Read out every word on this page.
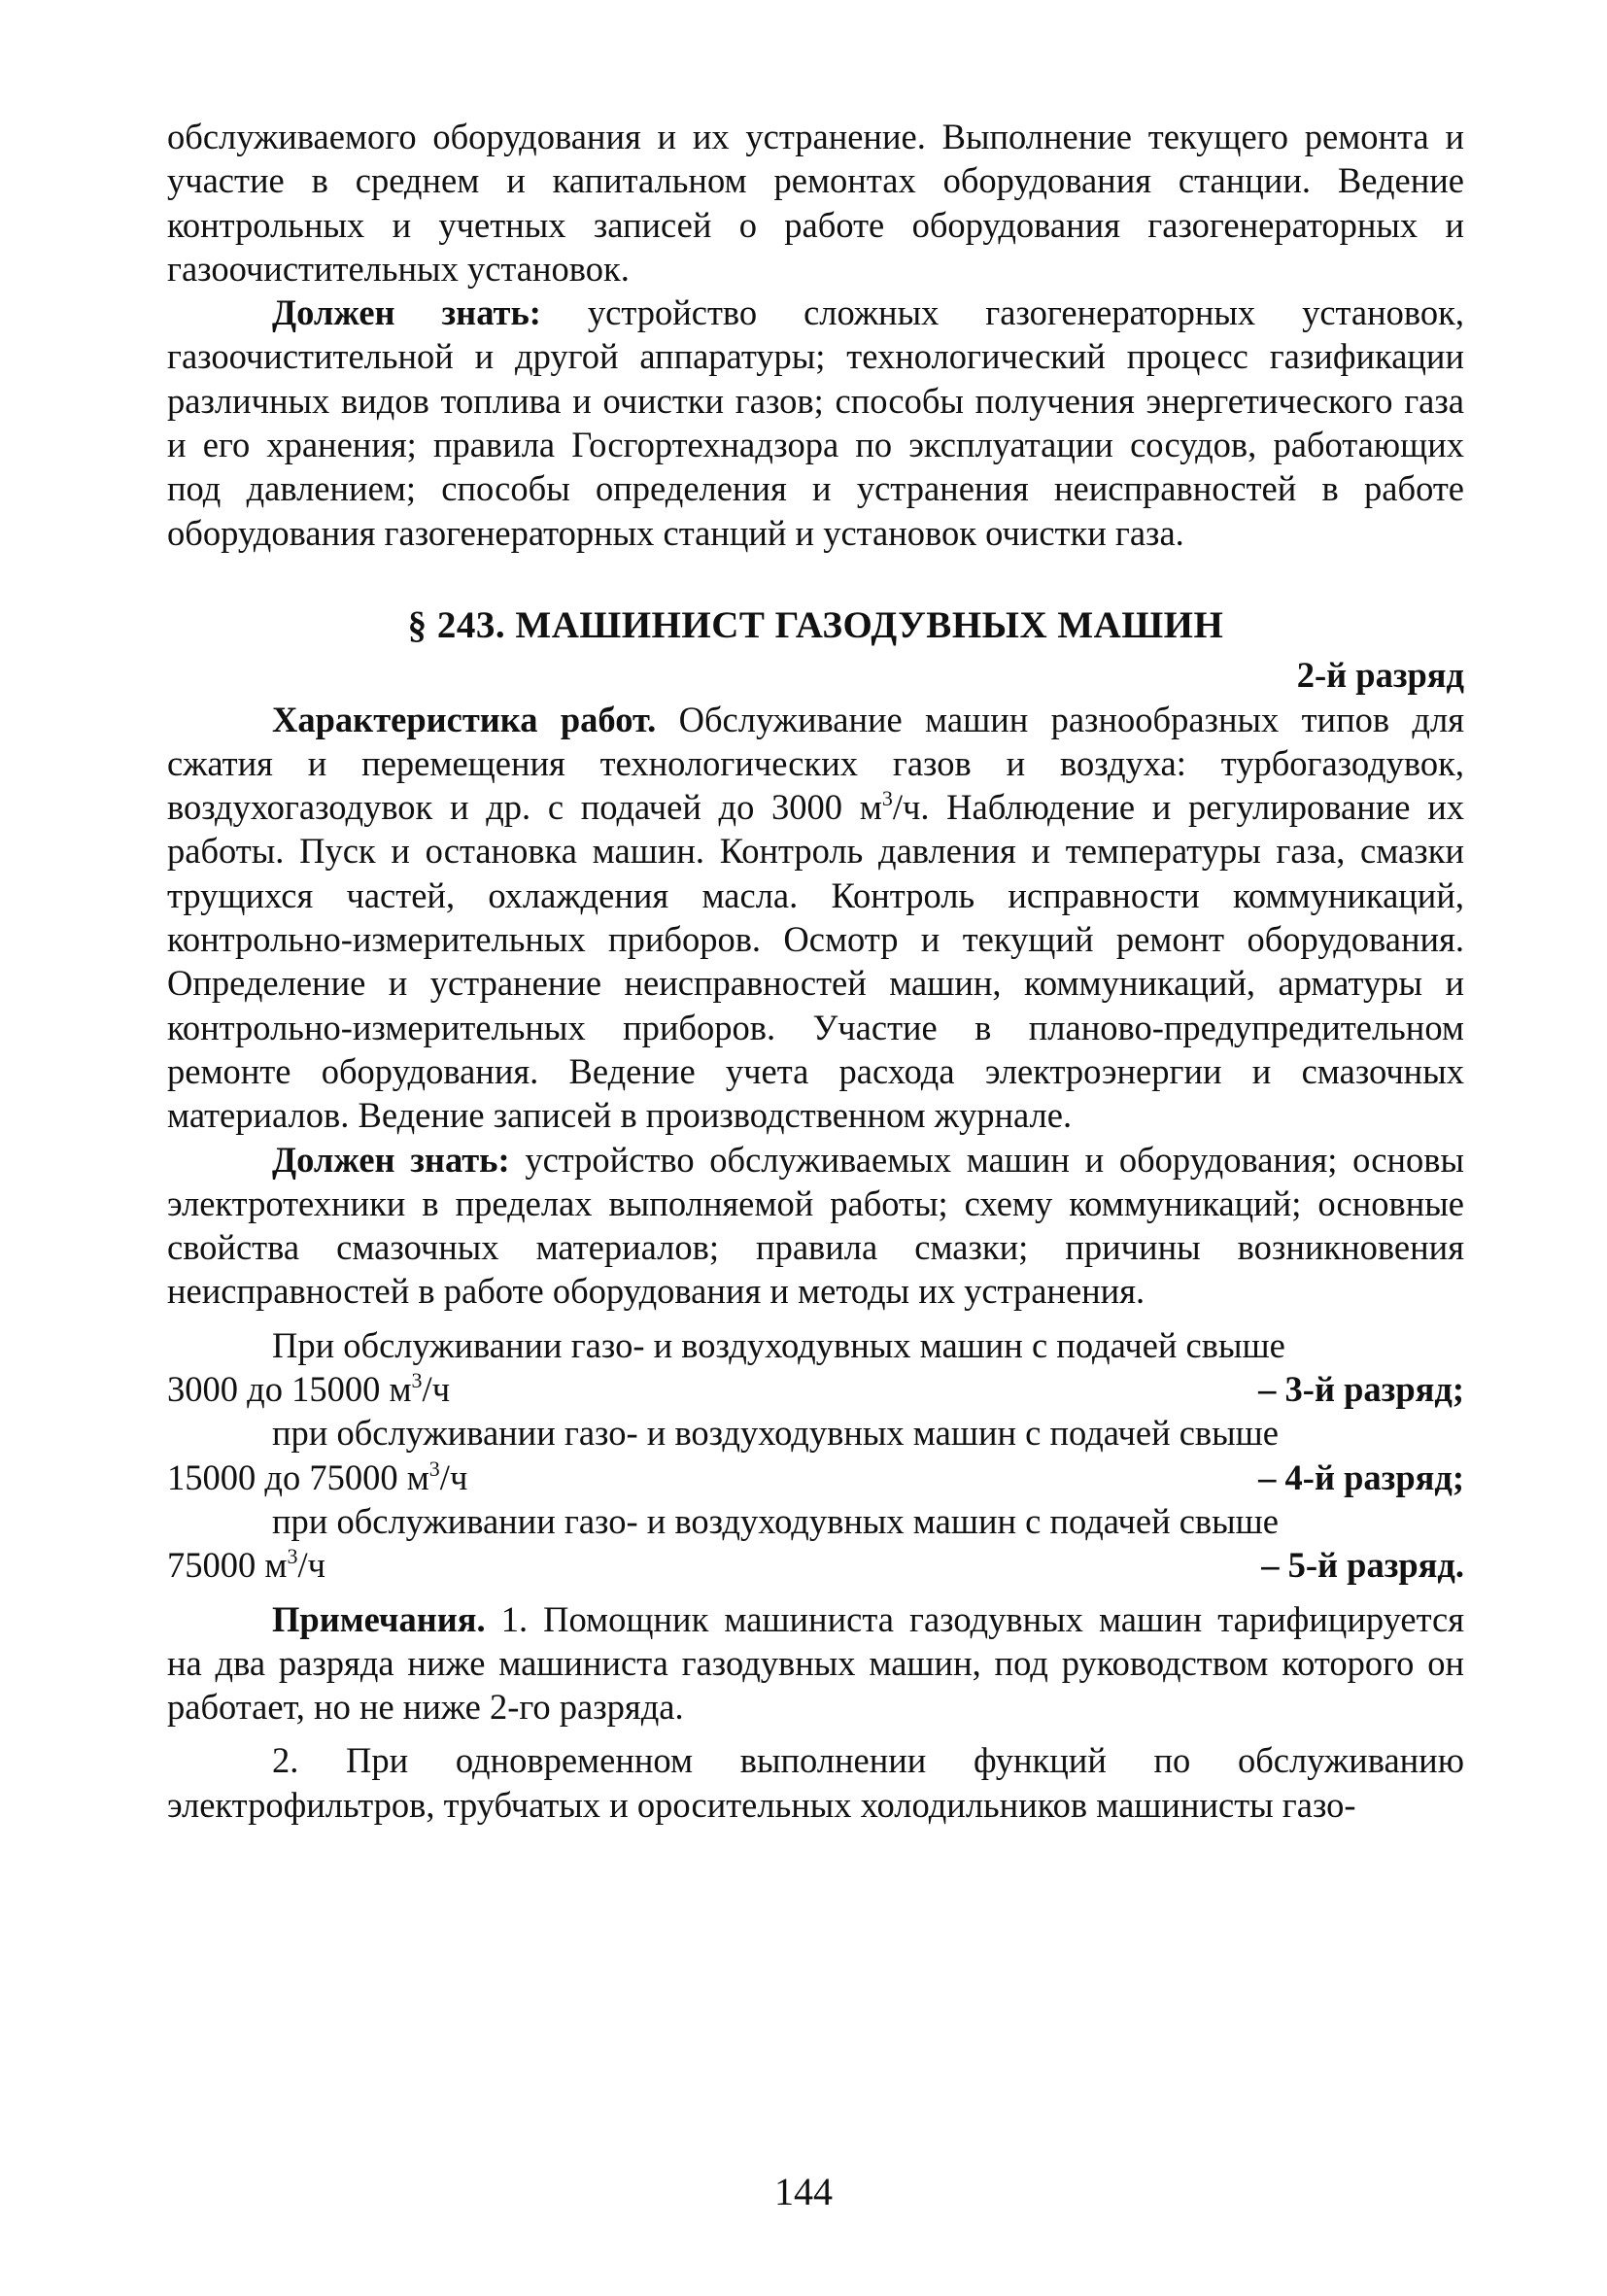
обслуживаемого оборудования и их устранение. Выполнение текущего ремонта и участие в среднем и капитальном ремонтах оборудования станции. Ведение контрольных и учетных записей о работе оборудования газогенераторных и газоочистительных установок.

Должен знать: устройство сложных газогенераторных установок, газоочистительной и другой аппаратуры; технологический процесс газификации различных видов топлива и очистки газов; способы получения энергетического газа и его хранения; правила Госгортехнадзора по эксплуатации сосудов, работающих под давлением; способы определения и устранения неисправностей в работе оборудования газогенераторных станций и установок очистки газа.

§ 243. МАШИНИСТ ГАЗОДУВНЫХ МАШИН
2-й разряд

Характеристика работ. Обслуживание машин разнообразных типов для сжатия и перемещения технологических газов и воздуха: турбогазодувок, воздухогазодувок и др. с подачей до 3000 $м^3/ч$. Наблюдение и регулирование их работы. Пуск и остановка машин. Контроль давления и температуры газа, смазки трущихся частей, охлаждения масла. Контроль исправности коммуникаций, контрольно-измерительных приборов. Осмотр и текущий ремонт оборудования. Определение и устранение неисправностей машин, коммуникаций, арматуры и контрольно-измерительных приборов. Участие в планово-предупредительном ремонте оборудования. Ведение учета расхода электроэнергии и смазочных материалов. Ведение записей в производственном журнале.

Должен знать: устройство обслуживаемых машин и оборудования; основы электротехники в пределах выполняемой работы; схему коммуникаций; основные свойства смазочных материалов; правила смазки; причины возникновения неисправностей в работе оборудования и методы их устранения.

При обслуживании газо- и воздуходувных машин с подачей свыше

3000 до 15000 $м^3/ч$	– 3-й разряд;

при обслуживании газо- и воздуходувных машин с подачей свыше

15000 до 75000 $м^3/ч$	– 4-й разряд;

при обслуживании газо- и воздуходувных машин с подачей свыше

75000 $м^3/ч$	– 5-й разряд.

Примечания. 1. Помощник машиниста газодувных машин тарифицируется на два разряда ниже машиниста газодувных машин, под руководством которого он работает, но не ниже 2-го разряда.

2. При одновременном выполнении функций по обслуживанию электрофильтров, трубчатых и оросительных холодильников машинисты газо-

144
